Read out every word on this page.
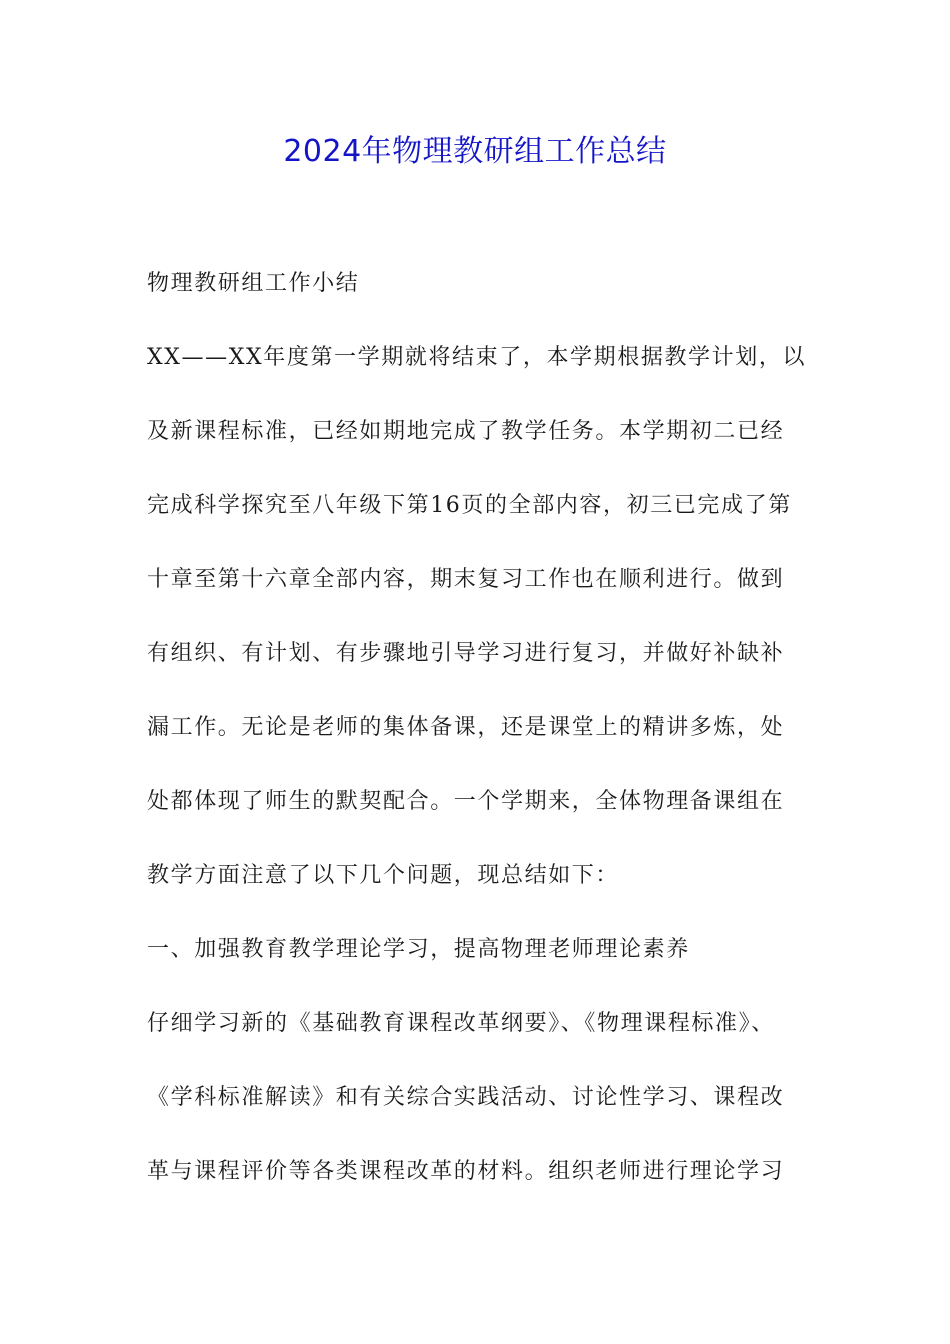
2024年物理教研组工作总结
物理教研组工作小结
XX——XX年度第一学期就将结束了，本学期根据教学计划，以
及新课程标准，已经如期地完成了教学任务。本学期初二已经
完成科学探究至八年级下第16页的全部内容，初三已完成了第
十章至第十六章全部内容，期末复习工作也在顺利进行。做到
有组织、有计划、有步骤地引导学习进行复习，并做好补缺补
漏工作。无论是老师的集体备课，还是课堂上的精讲多炼，处
处都体现了师生的默契配合。一个学期来，全体物理备课组在
教学方面注意了以下几个问题，现总结如下：
一、加强教育教学理论学习，提高物理老师理论素养
仔细学习新的《基础教育课程改革纲要》、《物理课程标准》、
《学科标准解读》和有关综合实践活动、讨论性学习、课程改
革与课程评价等各类课程改革的材料。组织老师进行理论学习
